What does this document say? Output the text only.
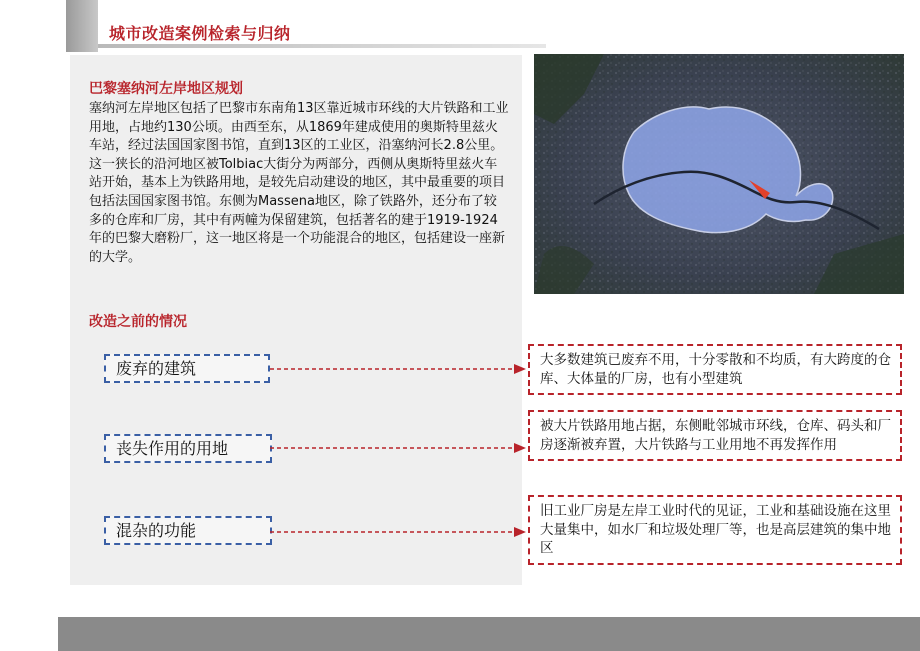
城市改造案例检索与归纳
巴黎塞纳河左岸地区规划
塞纳河左岸地区包括了巴黎市东南角13区靠近城市环线的大片铁路和工业用地，占地约130公顷。由西至东，从1869年建成使用的奥斯特里兹火车站，经过法国国家图书馆，直到13区的工业区，沿塞纳河长2.8公里。这一狭长的沿河地区被Tolbiac大街分为两部分，西侧从奥斯特里兹火车站开始，基本上为铁路用地，是较先启动建设的地区，其中最重要的项目包括法国国家图书馆。东侧为Massena地区，除了铁路外，还分布了较多的仓库和厂房，其中有两幢为保留建筑，包括著名的建于1919-1924年的巴黎大磨粉厂，这一地区将是一个功能混合的地区，包括建设一座新的大学。
改造之前的情况
废弃的建筑	大多数建筑已废弃不用，十分零散和不均质，有大跨度的仓库、大体量的厂房，也有小型建筑
丧失作用的用地
被大片铁路用地占据，东侧毗邻城市环线，仓库、码头和厂房逐渐被弃置，大片铁路与工业用地不再发挥作用
混杂的功能
旧工业厂房是左岸工业时代的见证，工业和基础设施在这里大量集中，如水厂和垃圾处理厂等，也是高层建筑的集中地区
